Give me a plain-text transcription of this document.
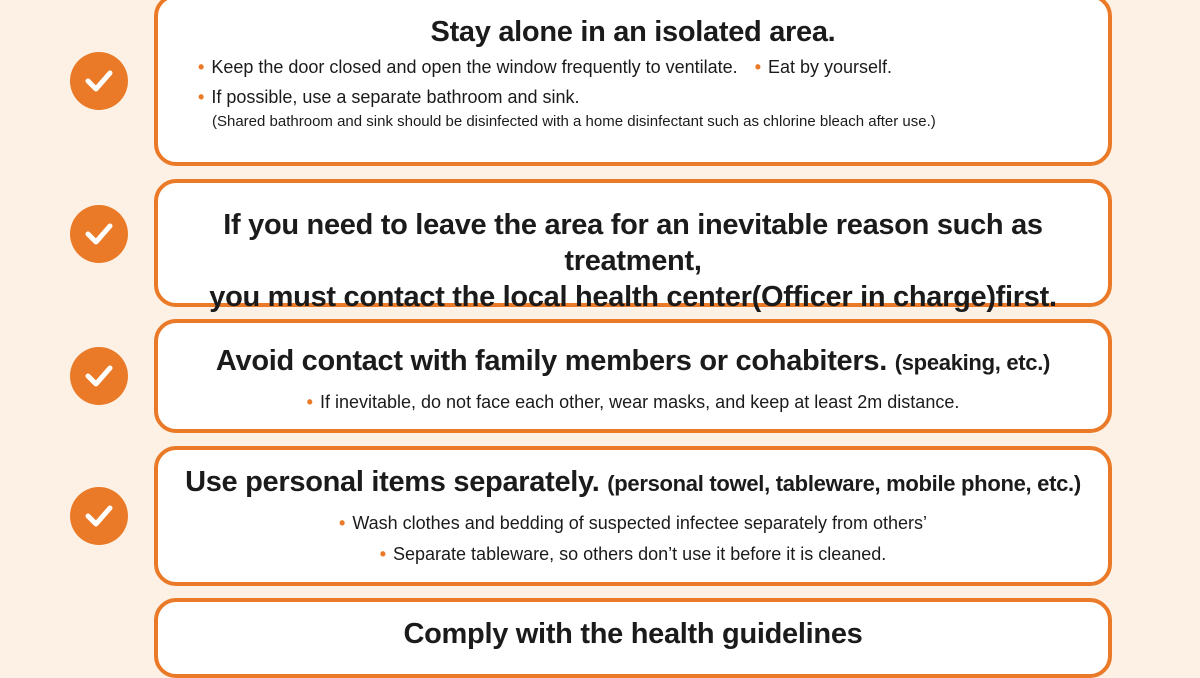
Stay alone in an isolated area.
• Keep the door closed and open the window frequently to ventilate. • Eat by yourself.
• If possible, use a separate bathroom and sink.
(Shared bathroom and sink should be disinfected with a home disinfectant such as chlorine bleach after use.)
If you need to leave the area for an inevitable reason such as treatment,
you must contact the local health center(Officer in charge)first.
Avoid contact with family members or cohabiters. (speaking, etc.)
• If inevitable, do not face each other, wear masks, and keep at least 2m distance.
Use personal items separately. (personal towel, tableware, mobile phone, etc.)
• Wash clothes and bedding of suspected infectee separately from others’
• Separate tableware, so others don’t use it before it is cleaned.
Comply with the health guidelines
